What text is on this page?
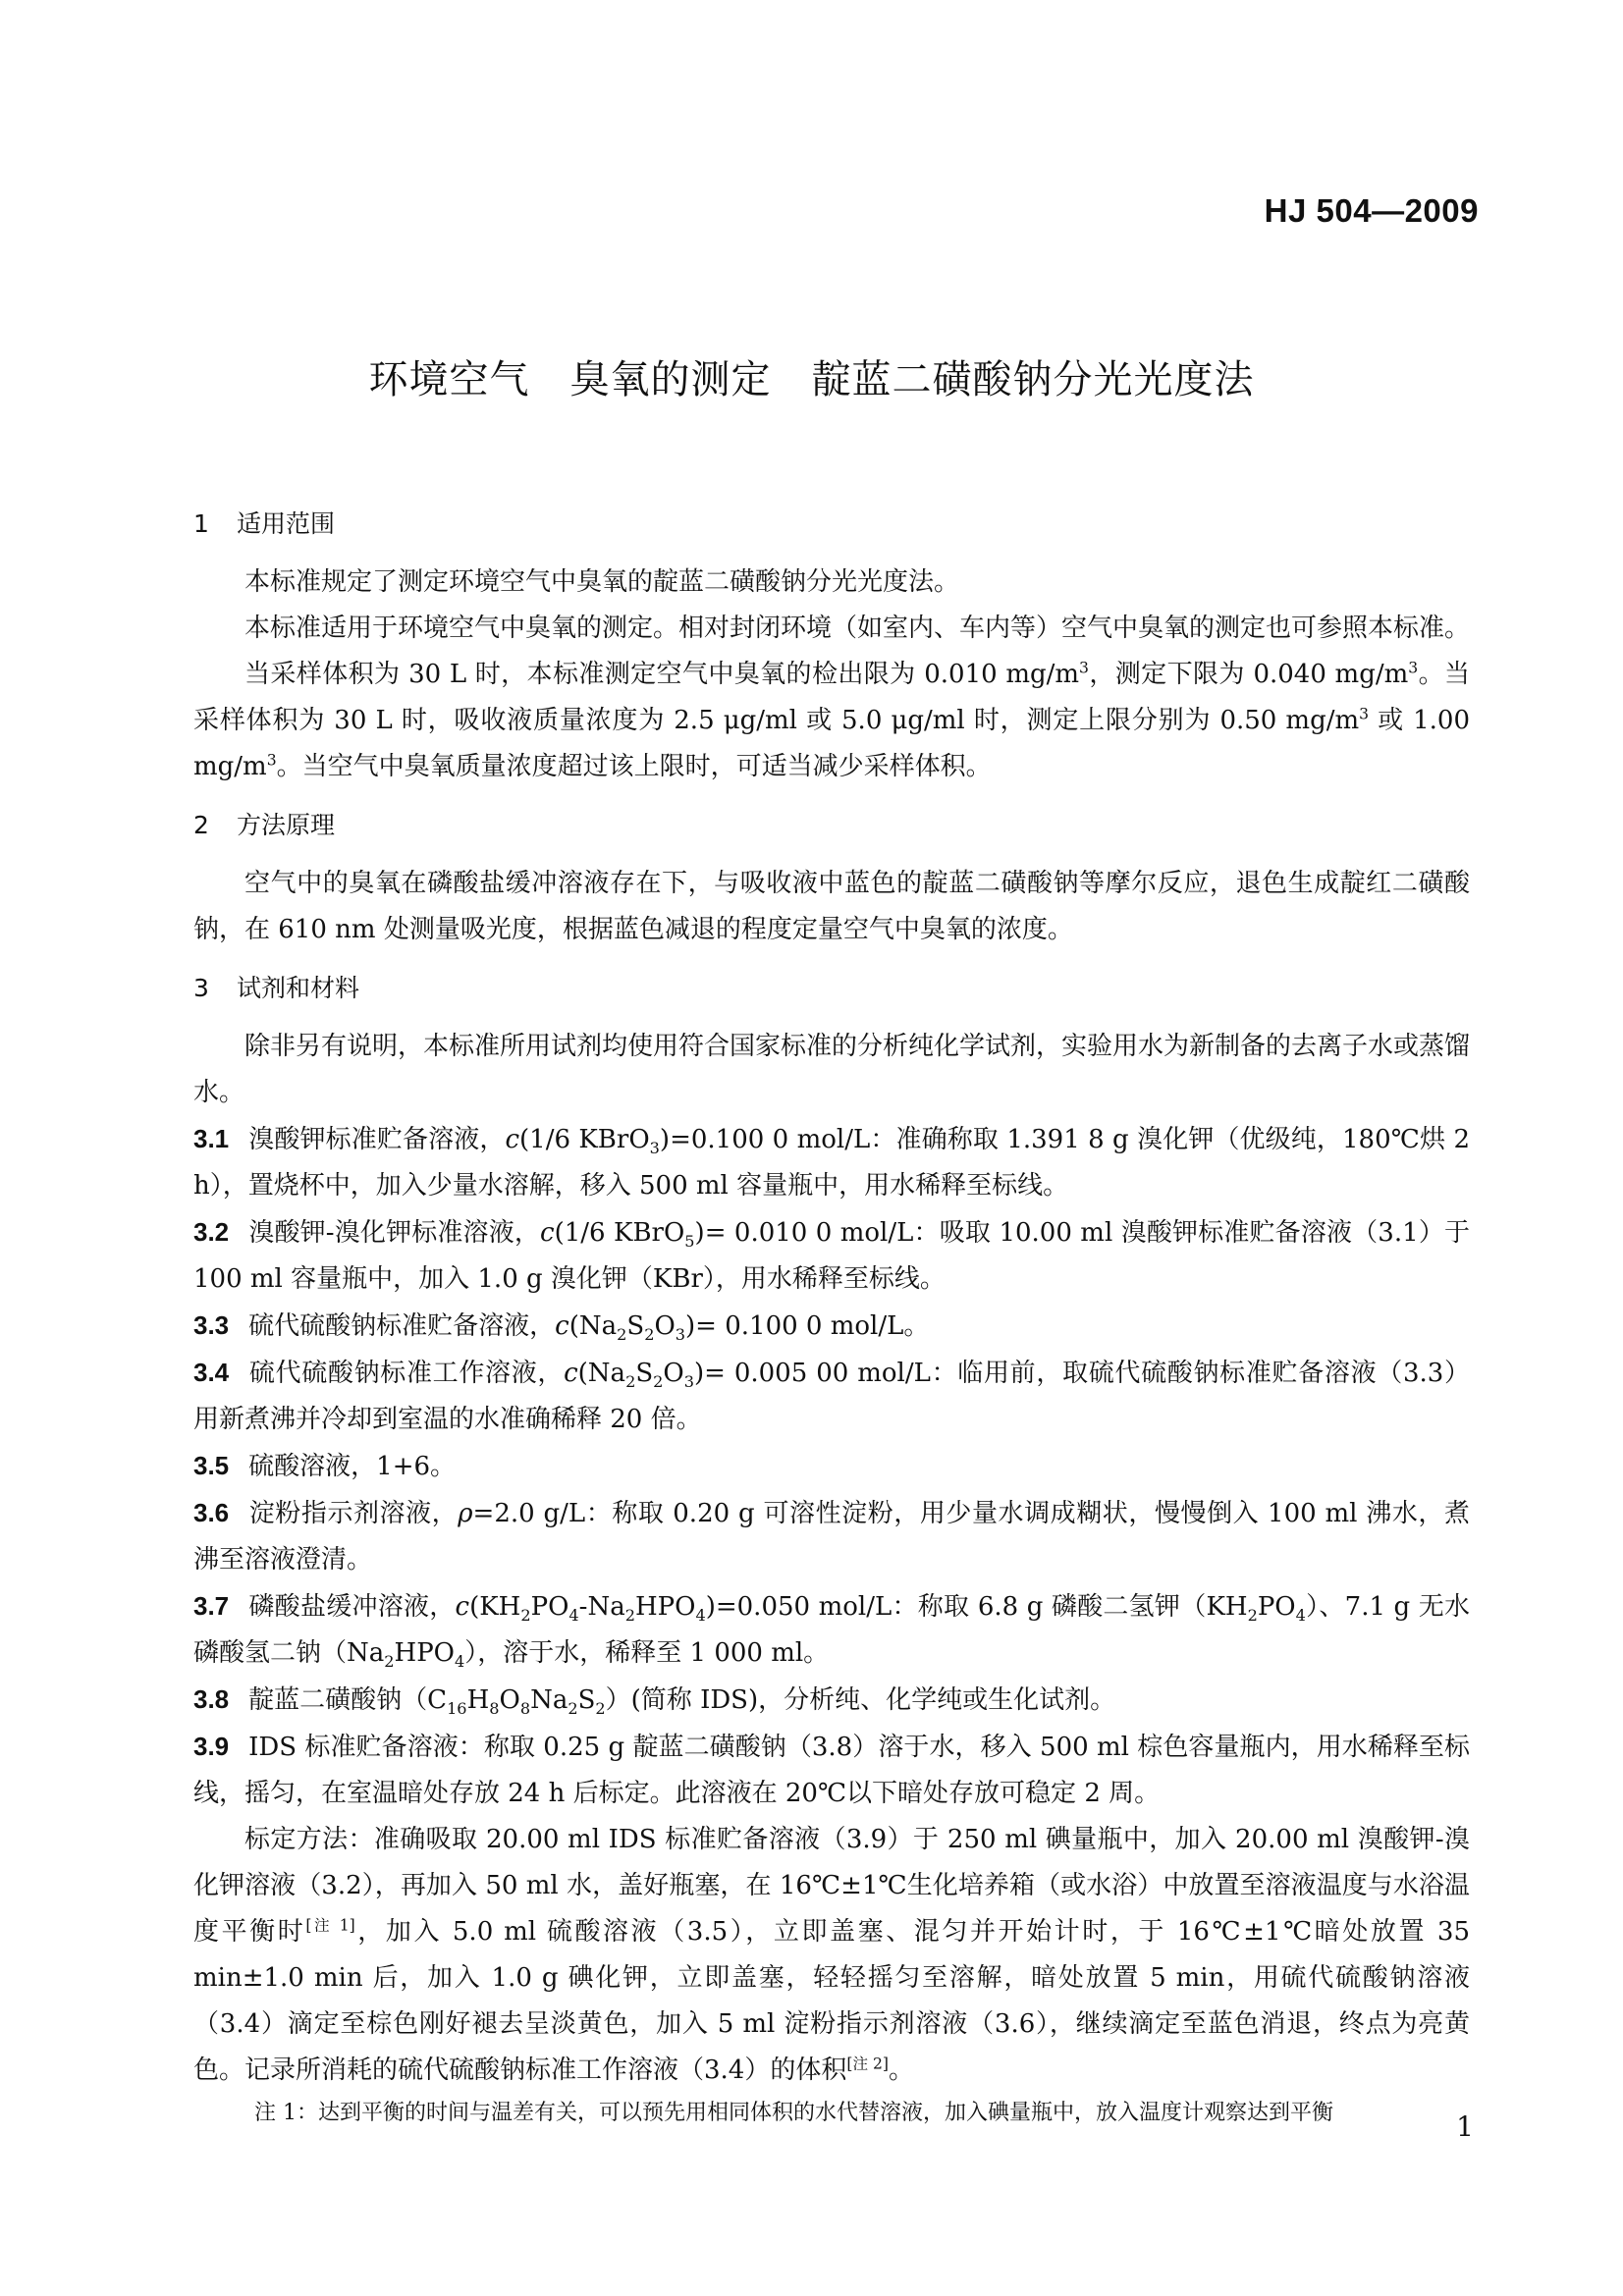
HJ 504—2009
环境空气　臭氧的测定　靛蓝二磺酸钠分光光度法
1 适用范围

本标准规定了测定环境空气中臭氧的靛蓝二磺酸钠分光光度法。

本标准适用于环境空气中臭氧的测定。相对封闭环境（如室内、车内等）空气中臭氧的测定也可参照本标准。

当采样体积为 30 L 时，本标准测定空气中臭氧的检出限为 0.010 $mg/m^3$，测定下限为 0.040 $mg/m^3$。当采样体积为 30 L 时，吸收液质量浓度为 2.5 μg/ml 或 5.0 μg/ml 时，测定上限分别为 0.50 $mg/m^3$ 或 1.00 $mg/m^3$。当空气中臭氧质量浓度超过该上限时，可适当减少采样体积。

2 方法原理

空气中的臭氧在磷酸盐缓冲溶液存在下，与吸收液中蓝色的靛蓝二磺酸钠等摩尔反应，退色生成靛红二磺酸钠，在 610 nm 处测量吸光度，根据蓝色减退的程度定量空气中臭氧的浓度。

3 试剂和材料

除非另有说明，本标准所用试剂均使用符合国家标准的分析纯化学试剂，实验用水为新制备的去离子水或蒸馏水。

3.1 溴酸钾标准贮备溶液，c(1/6 KBrO$_3$)=0.100 0 mol/L：准确称取 1.391 8 g 溴化钾（优级纯，180℃烘 2 h），置烧杯中，加入少量水溶解，移入 500 ml 容量瓶中，用水稀释至标线。

3.2 溴酸钾-溴化钾标准溶液，c(1/6 KBrO$_5$)= 0.010 0 mol/L：吸取 10.00 ml 溴酸钾标准贮备溶液（3.1）于 100 ml 容量瓶中，加入 1.0 g 溴化钾（KBr），用水稀释至标线。

3.3 硫代硫酸钠标准贮备溶液，$c(Na_2S_2O_3)= 0.100$ 0 mol/L。

3.4 硫代硫酸钠标准工作溶液，$c(Na_2S_2O_3)= 0.005$ 00 mol/L：临用前，取硫代硫酸钠标准贮备溶液（3.3）用新煮沸并冷却到室温的水准确稀释 20 倍。

3.5 硫酸溶液，1+6。

3.6 淀粉指示剂溶液，ρ=2.0 g/L：称取 0.20 g 可溶性淀粉，用少量水调成糊状，慢慢倒入 100 ml 沸水，煮沸至溶液澄清。

3.7 磷酸盐缓冲溶液，$c(KH_2PO_4-Na_2HPO_4)=0.050$ mol/L：称取 6.8 g 磷酸二氢钾$(KH_2PO_4)$、7.1 g 无水磷酸氢二钠$(Na_2HPO_4)$，溶于水，稀释至 1 000 ml。

3.8 靛蓝二磺酸钠$(C_{16}H_8O_8Na_2S_2)$(简称 IDS)，分析纯、化学纯或生化试剂。

3.9 IDS 标准贮备溶液：称取 0.25 g 靛蓝二磺酸钠（3.8）溶于水，移入 500 ml 棕色容量瓶内，用水稀释至标线，摇匀，在室温暗处存放 24 h 后标定。此溶液在 20℃以下暗处存放可稳定 2 周。

标定方法：准确吸取 20.00 ml IDS 标准贮备溶液（3.9）于 250 ml 碘量瓶中，加入 20.00 ml 溴酸钾-溴化钾溶液（3.2），再加入 50 ml 水，盖好瓶塞，在 16℃±1℃生化培养箱（或水浴）中放置至溶液温度与水浴温度平衡时[注 1]，加入 5.0 ml 硫酸溶液（3.5），立即盖塞、混匀并开始计时，于 16℃±1℃暗处放置 35 min±1.0 min 后，加入 1.0 g 碘化钾，立即盖塞，轻轻摇匀至溶解，暗处放置 5 min，用硫代硫酸钠溶液（3.4）滴定至棕色刚好褪去呈淡黄色，加入 5 ml 淀粉指示剂溶液（3.6），继续滴定至蓝色消退，终点为亮黄色。记录所消耗的硫代硫酸钠标准工作溶液（3.4）的体积[注 2]。

注 1：达到平衡的时间与温差有关，可以预先用相同体积的水代替溶液，加入碘量瓶中，放入温度计观察达到平衡	1
